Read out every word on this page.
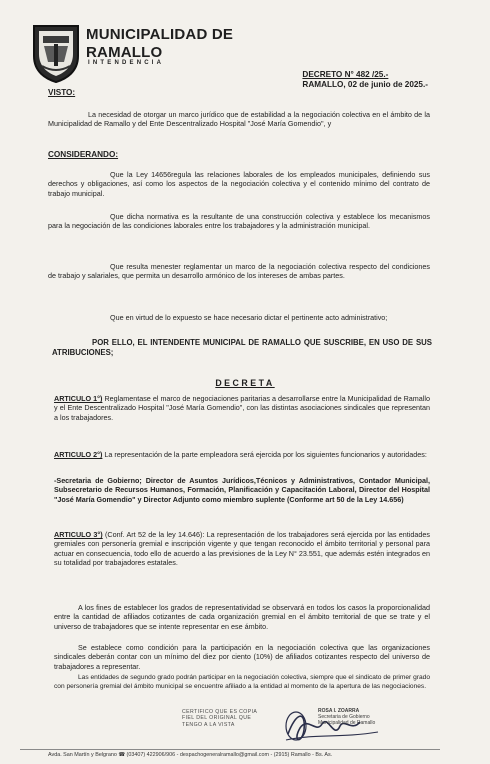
MUNICIPALIDAD DE
RAMALLO
INTENDENCIA
DECRETO N° 482 /25.-
RAMALLO, 02 de junio de 2025.-
VISTO:
La necesidad de otorgar un marco jurídico que de estabilidad a la negociación colectiva en el ámbito de la Municipalidad de Ramallo y del Ente Descentralizado Hospital "José María Gomendio", y
CONSIDERANDO:
Que la Ley 14656regula las relaciones laborales de los empleados municipales, definiendo sus derechos y obligaciones, así como los aspectos de la negociación colectiva y el contenido mínimo del contrato de trabajo municipal.
Que dicha normativa es la resultante de una construcción colectiva y establece los mecanismos para la negociación de las condiciones laborales entre los trabajadores y la administración municipal.
Que resulta menester reglamentar un marco de la negociación colectiva respecto del condiciones de trabajo y salariales, que permita un desarrollo armónico de los intereses de ambas partes.
Que en virtud de lo expuesto se hace necesario dictar el pertinente acto administrativo;
POR ELLO, EL INTENDENTE MUNICIPAL DE RAMALLO QUE SUSCRIBE, EN USO DE SUS ATRIBUCIONES;
DECRETA
ARTICULO 1°) Reglamentase el marco de negociaciones paritarias a desarrollarse entre la Municipalidad de Ramallo y el Ente Descentralizado Hospital "José María Gomendio", con las distintas asociaciones sindicales que representan a los trabajadores.
ARTICULO 2°) La representación de la parte empleadora será ejercida por los siguientes funcionarios y autoridades:
-Secretaria de Gobierno; Director de Asuntos Jurídicos,Técnicos y Administrativos, Contador Municipal, Subsecretario de Recursos Humanos, Formación, Planificación y Capacitación Laboral, Director del Hospital "José María Gomendio" y Director Adjunto como miembro suplente (Conforme art 50 de la Ley 14.656)
ARTICULO 3°) (Conf. Art 52 de la ley 14.646): La representación de los trabajadores será ejercida por las entidades gremiales con personería gremial e inscripción vigente y que tengan reconocido el ámbito territorial y personal para actuar en consecuencia, todo ello de acuerdo a las previsiones de la Ley N° 23.551, que además estén integrados en su totalidad por trabajadores estatales.
A los fines de establecer los grados de representatividad se observará en todos los casos la proporcionalidad entre la cantidad de afiliados cotizantes de cada organización gremial en el ámbito territorial de que se trate y el universo de trabajadores que se intente representar en ese ámbito.
Se establece como condición para la participación en la negociación colectiva que las organizaciones sindicales deberán contar con un mínimo del diez por ciento (10%) de afiliados cotizantes respecto del universo de trabajadores a representar.
Las entidades de segundo grado podrán participar en la negociación colectiva, siempre que el sindicato de primer grado con personería gremial del ámbito municipal se encuentre afiliado a la entidad al momento de la apertura de las negociaciones.
CERTIFICO QUE ES COPIA
FIEL DEL ORIGINAL QUE
TENGO A LA VISTA
ROSA I. ZOARRA
Secretaria de Gobierno
Municipalidad de Ramallo
Avda. San Martín y Belgrano ☎ (03407) 422906/906 - despachogeneralramallo@gmail.com - (2915) Ramallo - Bs. As.
